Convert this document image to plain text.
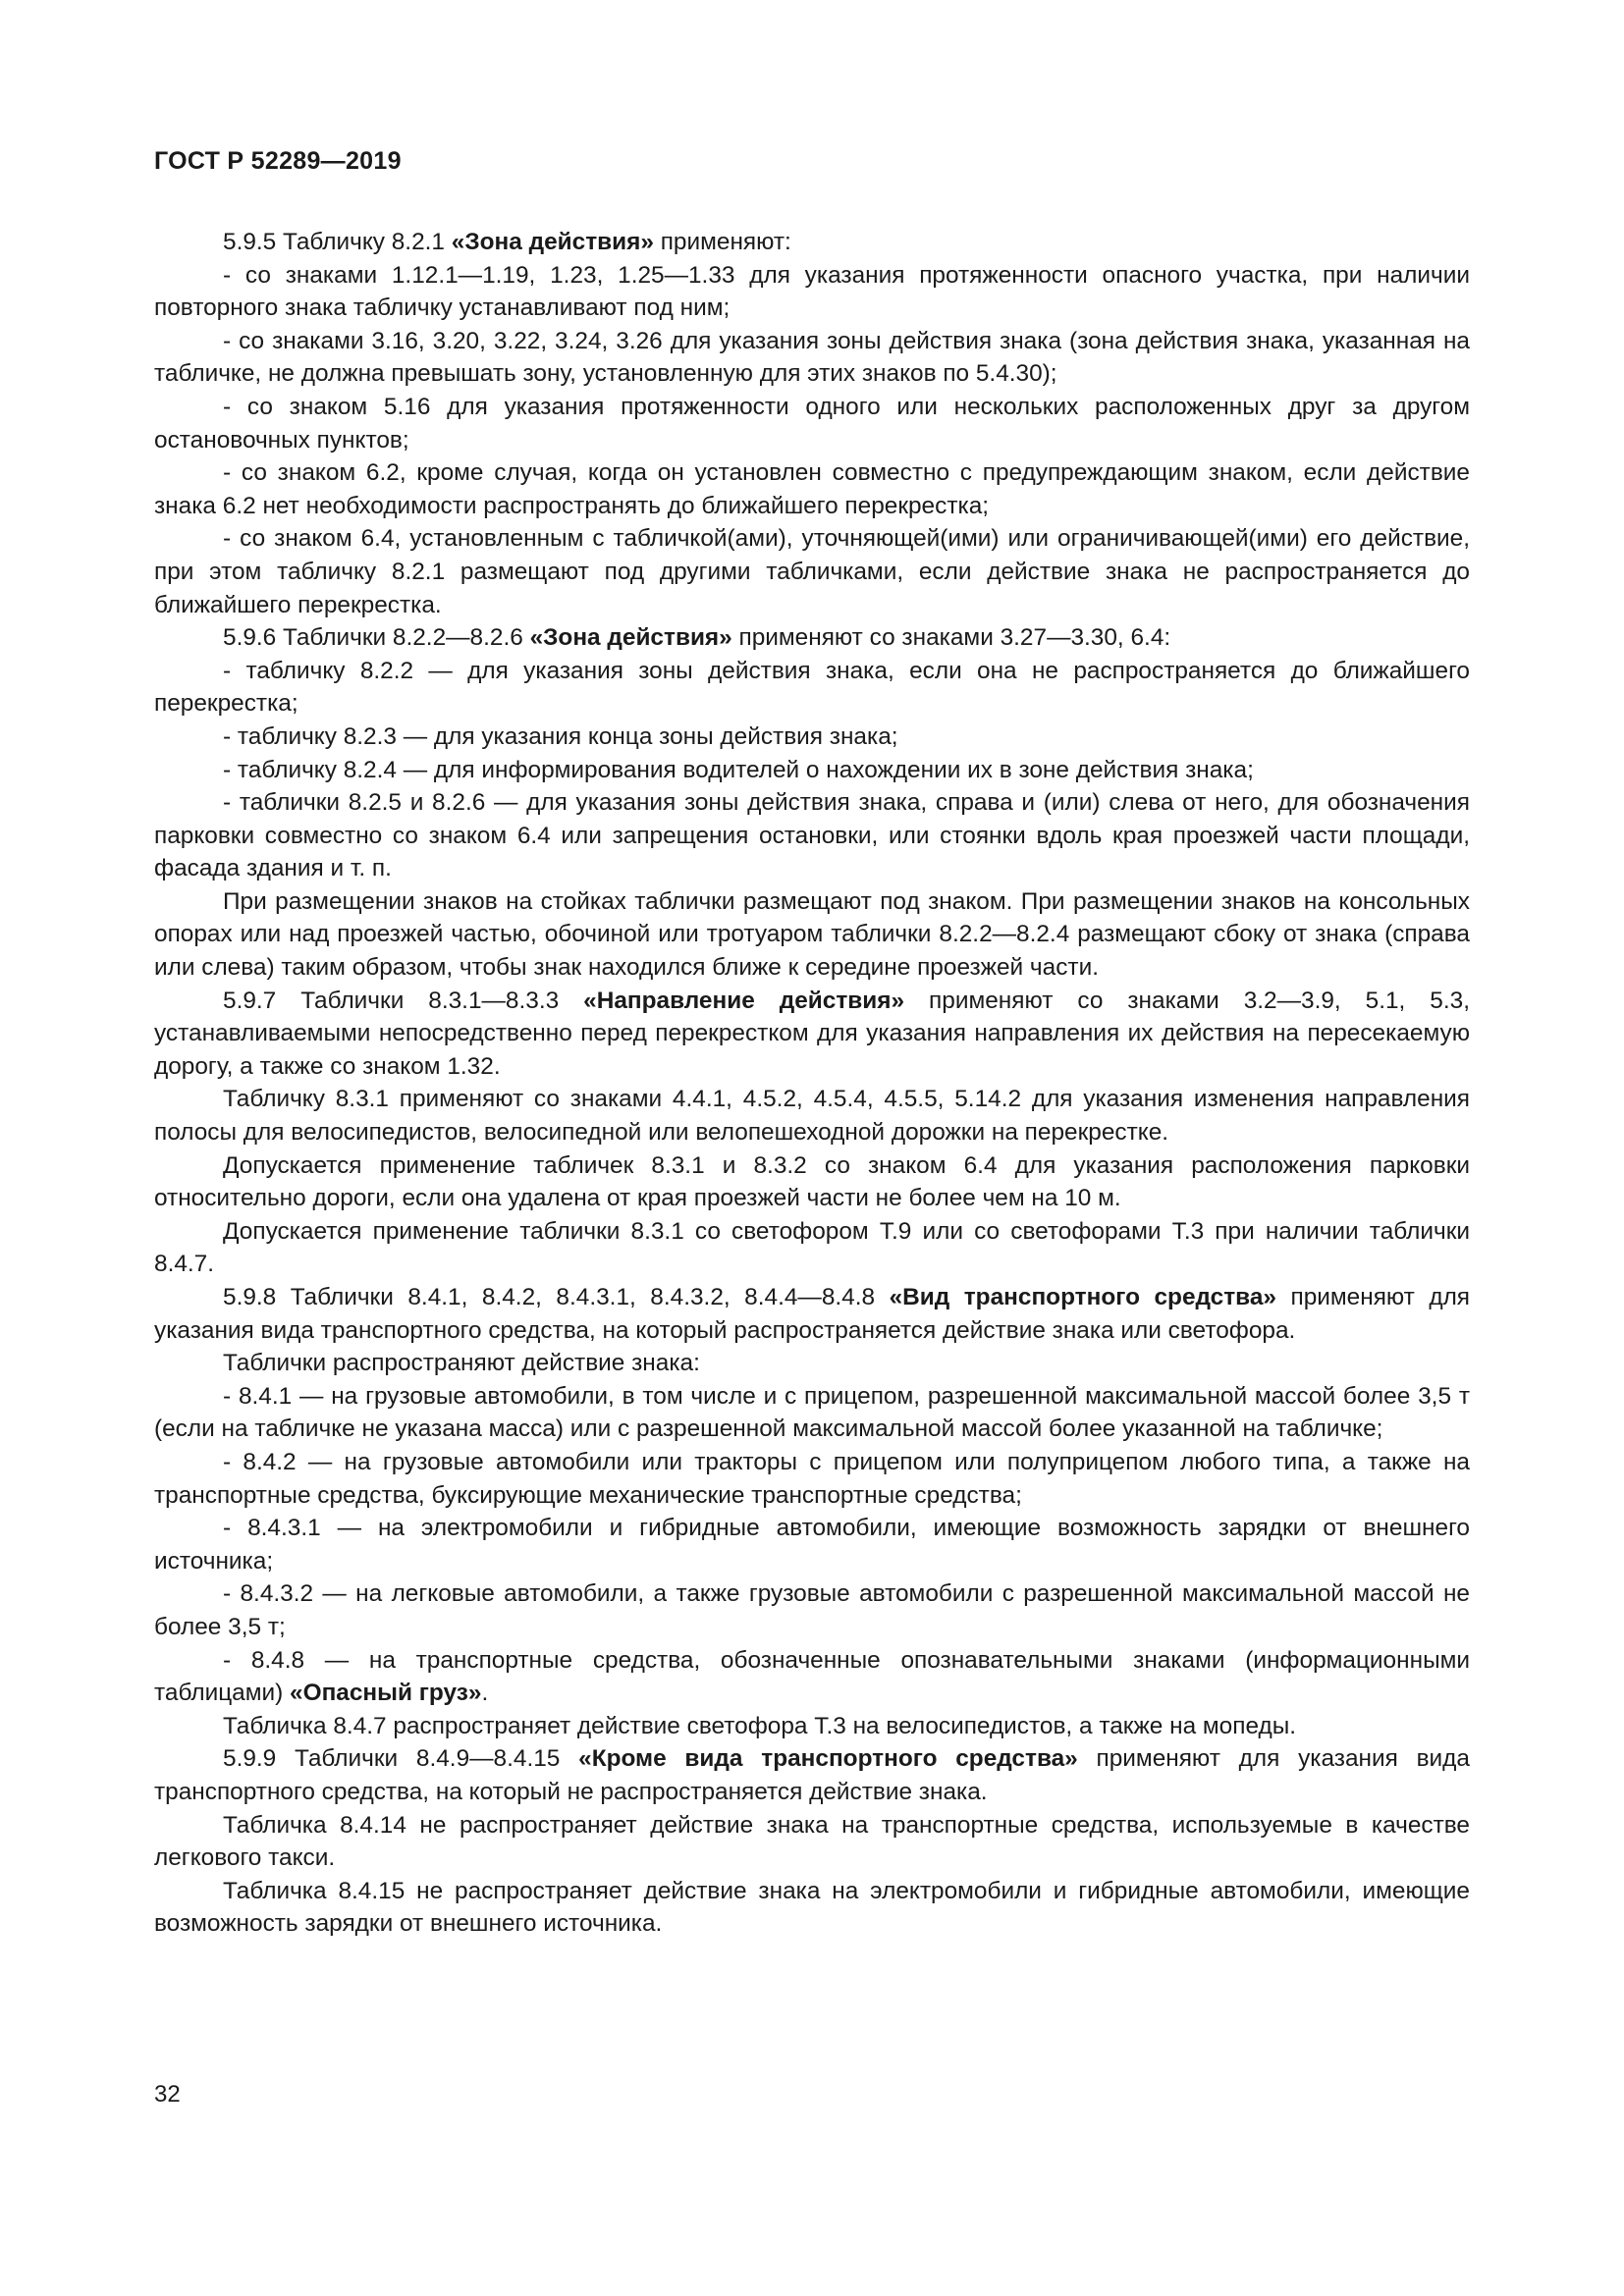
ГОСТ Р 52289—2019

5.9.5 Табличку 8.2.1 «Зона действия» применяют:

- со знаками 1.12.1—1.19, 1.23, 1.25—1.33 для указания протяженности опасного участка, при наличии повторного знака табличку устанавливают под ним;

- со знаками 3.16, 3.20, 3.22, 3.24, 3.26 для указания зоны действия знака (зона действия знака, указанная на табличке, не должна превышать зону, установленную для этих знаков по 5.4.30);

- со знаком 5.16 для указания протяженности одного или нескольких расположенных друг за другом остановочных пунктов;

- со знаком 6.2, кроме случая, когда он установлен совместно с предупреждающим знаком, если действие знака 6.2 нет необходимости распространять до ближайшего перекрестка;

- со знаком 6.4, установленным с табличкой(ами), уточняющей(ими) или ограничивающей(ими) его действие, при этом табличку 8.2.1 размещают под другими табличками, если действие знака не распространяется до ближайшего перекрестка.

5.9.6 Таблички 8.2.2—8.2.6 «Зона действия» применяют со знаками 3.27—3.30, 6.4:

- табличку 8.2.2 — для указания зоны действия знака, если она не распространяется до ближайшего перекрестка;

- табличку 8.2.3 — для указания конца зоны действия знака;

- табличку 8.2.4 — для информирования водителей о нахождении их в зоне действия знака;

- таблички 8.2.5 и 8.2.6 — для указания зоны действия знака, справа и (или) слева от него, для обозначения парковки совместно со знаком 6.4 или запрещения остановки, или стоянки вдоль края проезжей части площади, фасада здания и т. п.

При размещении знаков на стойках таблички размещают под знаком. При размещении знаков на консольных опорах или над проезжей частью, обочиной или тротуаром таблички 8.2.2—8.2.4 размещают сбоку от знака (справа или слева) таким образом, чтобы знак находился ближе к середине проезжей части.

5.9.7 Таблички 8.3.1—8.3.3 «Направление действия» применяют со знаками 3.2—3.9, 5.1, 5.3, устанавливаемыми непосредственно перед перекрестком для указания направления их действия на пересекаемую дорогу, а также со знаком 1.32.

Табличку 8.3.1 применяют со знаками 4.4.1, 4.5.2, 4.5.4, 4.5.5, 5.14.2 для указания изменения направления полосы для велосипедистов, велосипедной или велопешеходной дорожки на перекрестке.

Допускается применение табличек 8.3.1 и 8.3.2 со знаком 6.4 для указания расположения парковки относительно дороги, если она удалена от края проезжей части не более чем на 10 м.

Допускается применение таблички 8.3.1 со светофором Т.9 или со светофорами Т.3 при наличии таблички 8.4.7.

5.9.8 Таблички 8.4.1, 8.4.2, 8.4.3.1, 8.4.3.2, 8.4.4—8.4.8 «Вид транспортного средства» применяют для указания вида транспортного средства, на который распространяется действие знака или светофора.

Таблички распространяют действие знака:

- 8.4.1 — на грузовые автомобили, в том числе и с прицепом, разрешенной максимальной массой более 3,5 т (если на табличке не указана масса) или с разрешенной максимальной массой более указанной на табличке;

- 8.4.2 — на грузовые автомобили или тракторы с прицепом или полуприцепом любого типа, а также на транспортные средства, буксирующие механические транспортные средства;

- 8.4.3.1 — на электромобили и гибридные автомобили, имеющие возможность зарядки от внешнего источника;

- 8.4.3.2 — на легковые автомобили, а также грузовые автомобили с разрешенной максимальной массой не более 3,5 т;

- 8.4.8 — на транспортные средства, обозначенные опознавательными знаками (информационными таблицами) «Опасный груз».

Табличка 8.4.7 распространяет действие светофора Т.3 на велосипедистов, а также на мопеды.

5.9.9 Таблички 8.4.9—8.4.15 «Кроме вида транспортного средства» применяют для указания вида транспортного средства, на который не распространяется действие знака.

Табличка 8.4.14 не распространяет действие знака на транспортные средства, используемые в качестве легкового такси.

Табличка 8.4.15 не распространяет действие знака на электромобили и гибридные автомобили, имеющие возможность зарядки от внешнего источника.

32
